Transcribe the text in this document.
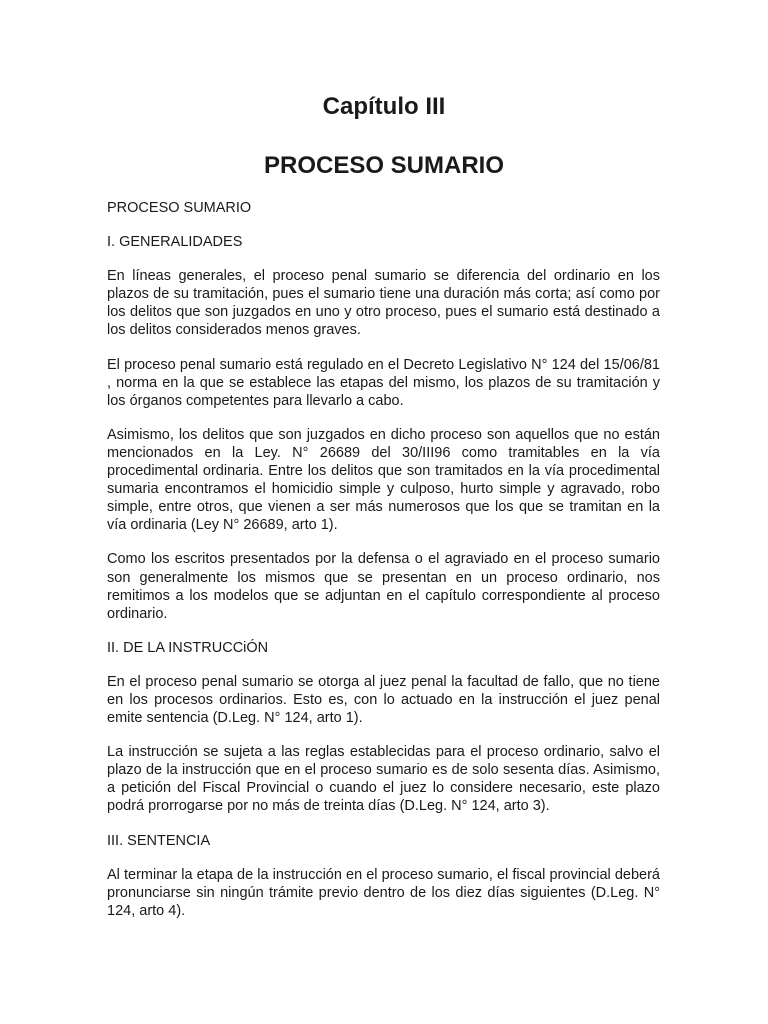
Capítulo III
PROCESO SUMARIO

PROCESO SUMARIO

I. GENERALIDADES

En líneas generales, el proceso penal sumario se diferencia del ordinario en los plazos de su tramitación, pues el sumario tiene una duración más corta; así como por los delitos que son juzgados en uno y otro proceso, pues el sumario está destinado a los delitos considerados menos graves.

El proceso penal sumario está regulado en el Decreto Legislativo N° 124 del 15/06/81 , norma en la que se establece las etapas del mismo, los plazos de su tramitación y los órganos competentes para llevarlo a cabo.

Asimismo, los delitos que son juzgados en dicho proceso son aquellos que no están mencionados en la Ley. N° 26689 del 30/III96 como tramitables en la vía procedimental ordinaria. Entre los delitos que son tramitados en la vía procedimental sumaria encontramos el homicidio simple y culposo, hurto simple y agravado, robo simple, entre otros, que vienen a ser más numerosos que los que se tramitan en la vía ordinaria (Ley N° 26689, arto 1).

Como los escritos presentados por la defensa o el agraviado en el proceso sumario son generalmente los mismos que se presentan en un proceso ordinario, nos remitimos a los modelos que se adjuntan en el capítulo correspondiente al proceso ordinario.

II. DE LA INSTRUCCiÓN

En el proceso penal sumario se otorga al juez penal la facultad de fallo, que no tiene en los procesos ordinarios. Esto es, con lo actuado en la instrucción el juez penal emite sentencia (D.Leg. N° 124, arto 1).

La instrucción se sujeta a las reglas establecidas para el proceso ordinario, salvo el plazo de la instrucción que en el proceso sumario es de solo sesenta días. Asimismo, a petición del Fiscal Provincial o cuando el juez lo considere necesario, este plazo podrá prorrogarse por no más de treinta días (D.Leg. N° 124, arto 3).

III. SENTENCIA

Al terminar la etapa de la instrucción en el proceso sumario, el fiscal provincial deberá pronunciarse sin ningún trámite previo dentro de los diez días siguientes (D.Leg. N° 124, arto 4).
